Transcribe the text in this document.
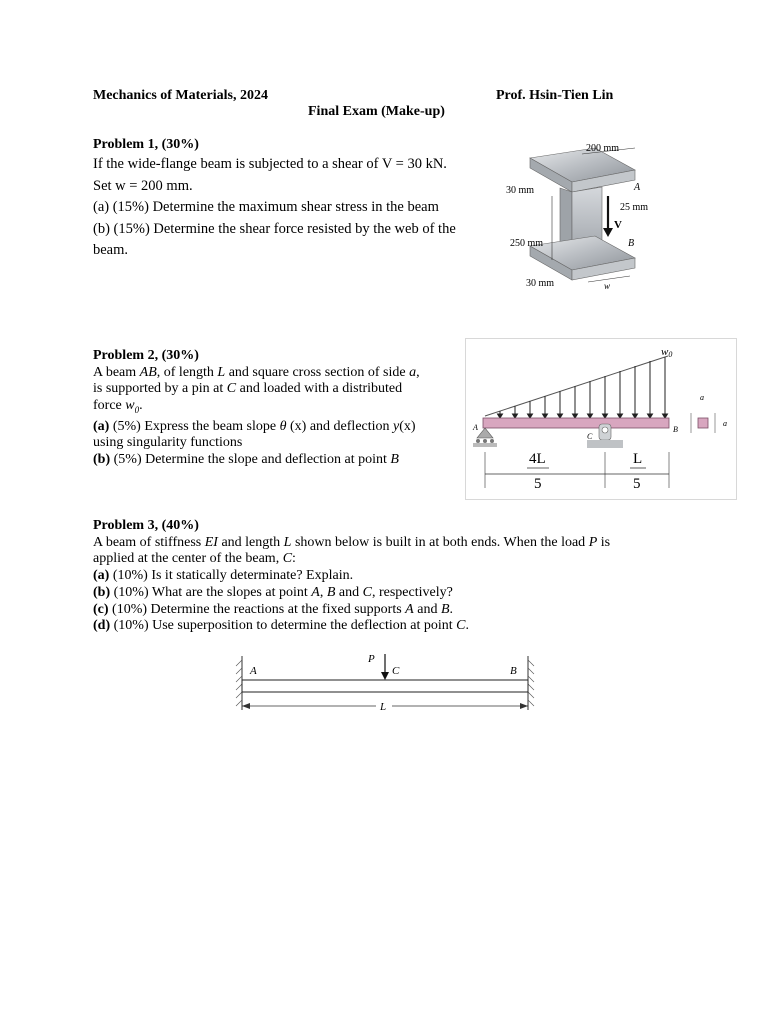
Mechanics of Materials, 2024	Prof. Hsin-Tien Lin
Final Exam (Make-up)
Problem 1, (30%)
If the wide-flange beam is subjected to a shear of V = 30 kN.
Set w = 200 mm.
(a) (15%) Determine the maximum shear stress in the beam
(b) (15%) Determine the shear force resisted by the web of the
beam.
200 mm
30 mm
250 mm
30 mm
25 mm
A
B
V
w
Problem 2, (30%)
A beam AB, of length L and square cross section of side a,
is supported by a pin at C and loaded with a distributed
force $w_0$.
(a) (5%) Express the beam slope θ (x) and deflection y(x)
using singularity functions
(b) (5%) Determine the slope and deflection at point B
w0
A	B
C
4L
5
L
5
a
a
Problem 3, (40%)
A beam of stiffness EI and length L shown below is built in at both ends. When the load P is
applied at the center of the beam, C:
(a) (10%) Is it statically determinate? Explain.
(b) (10%) What are the slopes at point A, B and C, respectively?
(c) (10%) Determine the reactions at the fixed supports A and B.
(d) (10%) Use superposition to determine the deflection at point C.
P
A	C	B
L
